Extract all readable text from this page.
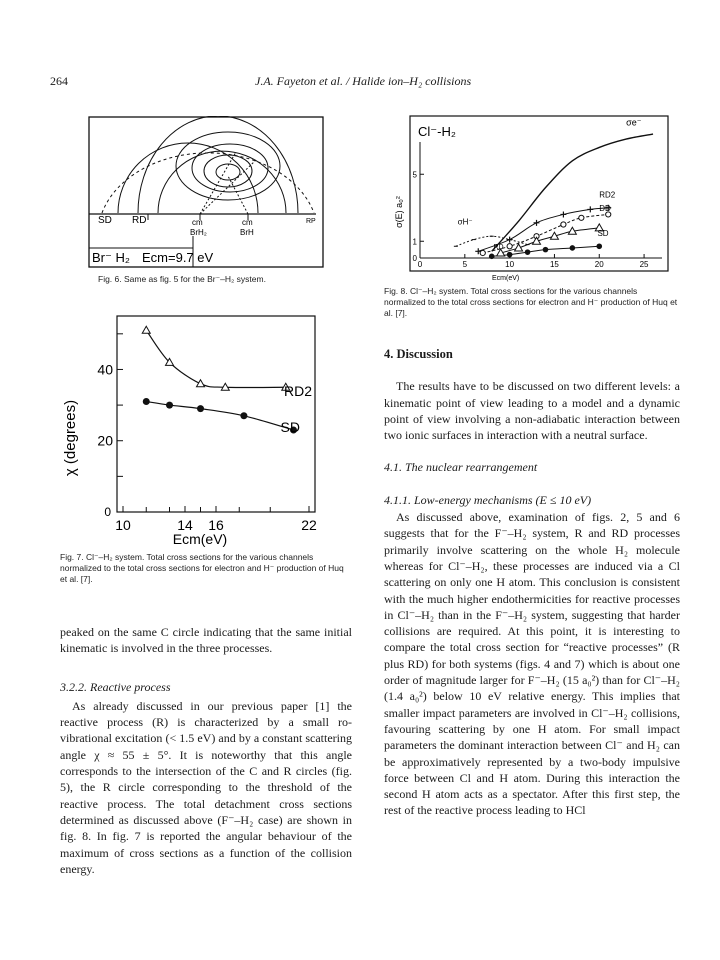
264	J.A. Fayeton et al. / Halide ion–H₂ collisions
SD RD	cm
BrH₂
cm
BrH
RP
Br⁻ H₂ Ecm=9.7 eV
Fig. 6. Same as fig. 5 for the Br⁻–H₂ system.
10	14 16	22
40
20
0
RD2
SD
χ (degrees)
Ecm(eV)
Fig. 7. Cl⁻–H₂ system. Total cross sections for the various channels normalized to the total cross sections for electron and H⁻ production of Huq et al. [7].
0	5	10	15	20	25
5
1
0
Cl⁻-H₂
σ(E) a₀²
Ecm(eV)
σe⁻
RD2
DD
σH⁻
SD
RD
Fig. 8. Cl⁻–H₂ system. Total cross sections for the various channels normalized to the total cross sections for electron and H⁻ production of Huq et al. [7].

peaked on the same C circle indicating that the same initial kinematic is involved in the three processes.

3.2.2. Reactive process

As already discussed in our previous paper [1] the reactive process (R) is characterized by a small ro-vibrational excitation (< 1.5 eV) and by a constant scattering angle χ ≈ 55 ± 5°. It is noteworthy that this angle corresponds to the intersection of the C and R circles (fig. 5), the R circle corresponding to the threshold of the reactive process. The total detachment cross sections determined as discussed above (F⁻–H₂ case) are shown in fig. 8. In fig. 7 is reported the angular behaviour of the maximum of cross sections as a function of the collision energy.

4. Discussion

The results have to be discussed on two different levels: a kinematic point of view leading to a model and a dynamic point of view involving a non-adiabatic interaction between two ionic surfaces in interaction with a neutral surface.

4.1. The nuclear rearrangement

4.1.1. Low-energy mechanisms (E ≤ 10 eV)

As discussed above, examination of figs. 2, 5 and 6 suggests that for the F⁻–H₂ system, R and RD processes primarily involve scattering on the whole H₂ molecule whereas for Cl⁻–H₂, these processes are induced via a Cl scattering on only one H atom. This conclusion is consistent with the much higher endothermicities for reactive processes in Cl⁻–H₂ than in the F⁻–H₂ system, suggesting that harder collisions are required. At this point, it is interesting to compare the total cross section for “reactive processes” (R plus RD) for both systems (figs. 4 and 7) which is about one order of magnitude larger for F⁻–H₂ (15 a₀²) than for Cl⁻–H₂ (1.4 a₀²) below 10 eV relative energy. This implies that smaller impact parameters are involved in Cl⁻–H₂ collisions, favouring scattering by one H atom. For small impact parameters the dominant interaction between Cl⁻ and H₂ can be approximatively represented by a two-body impulsive force between Cl and H atom. During this interaction the second H atom acts as a spectator. After this first step, the rest of the reactive process leading to HCl
